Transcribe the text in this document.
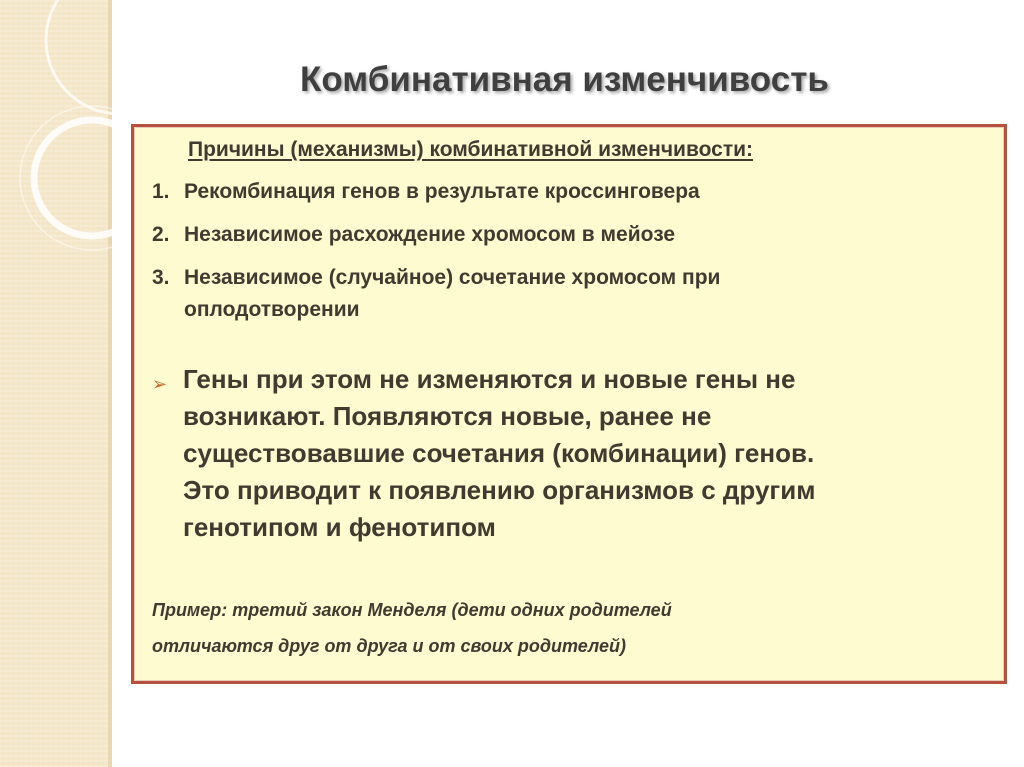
Комбинативная изменчивость
Причины (механизмы) комбинативной изменчивости:
1. Рекомбинация генов в результате кроссинговера
2. Независимое расхождение хромосом в мейозе
3. Независимое (случайное) сочетание хромосом при
оплодотворении
➢ Гены при этом не изменяются и новые гены не
возникают. Появляются новые, ранее не
существовавшие сочетания (комбинации) генов.
Это приводит к появлению организмов с другим
генотипом и фенотипом
Пример: третий закон Менделя (дети одних родителей
отличаются друг от друга и от своих родителей)
